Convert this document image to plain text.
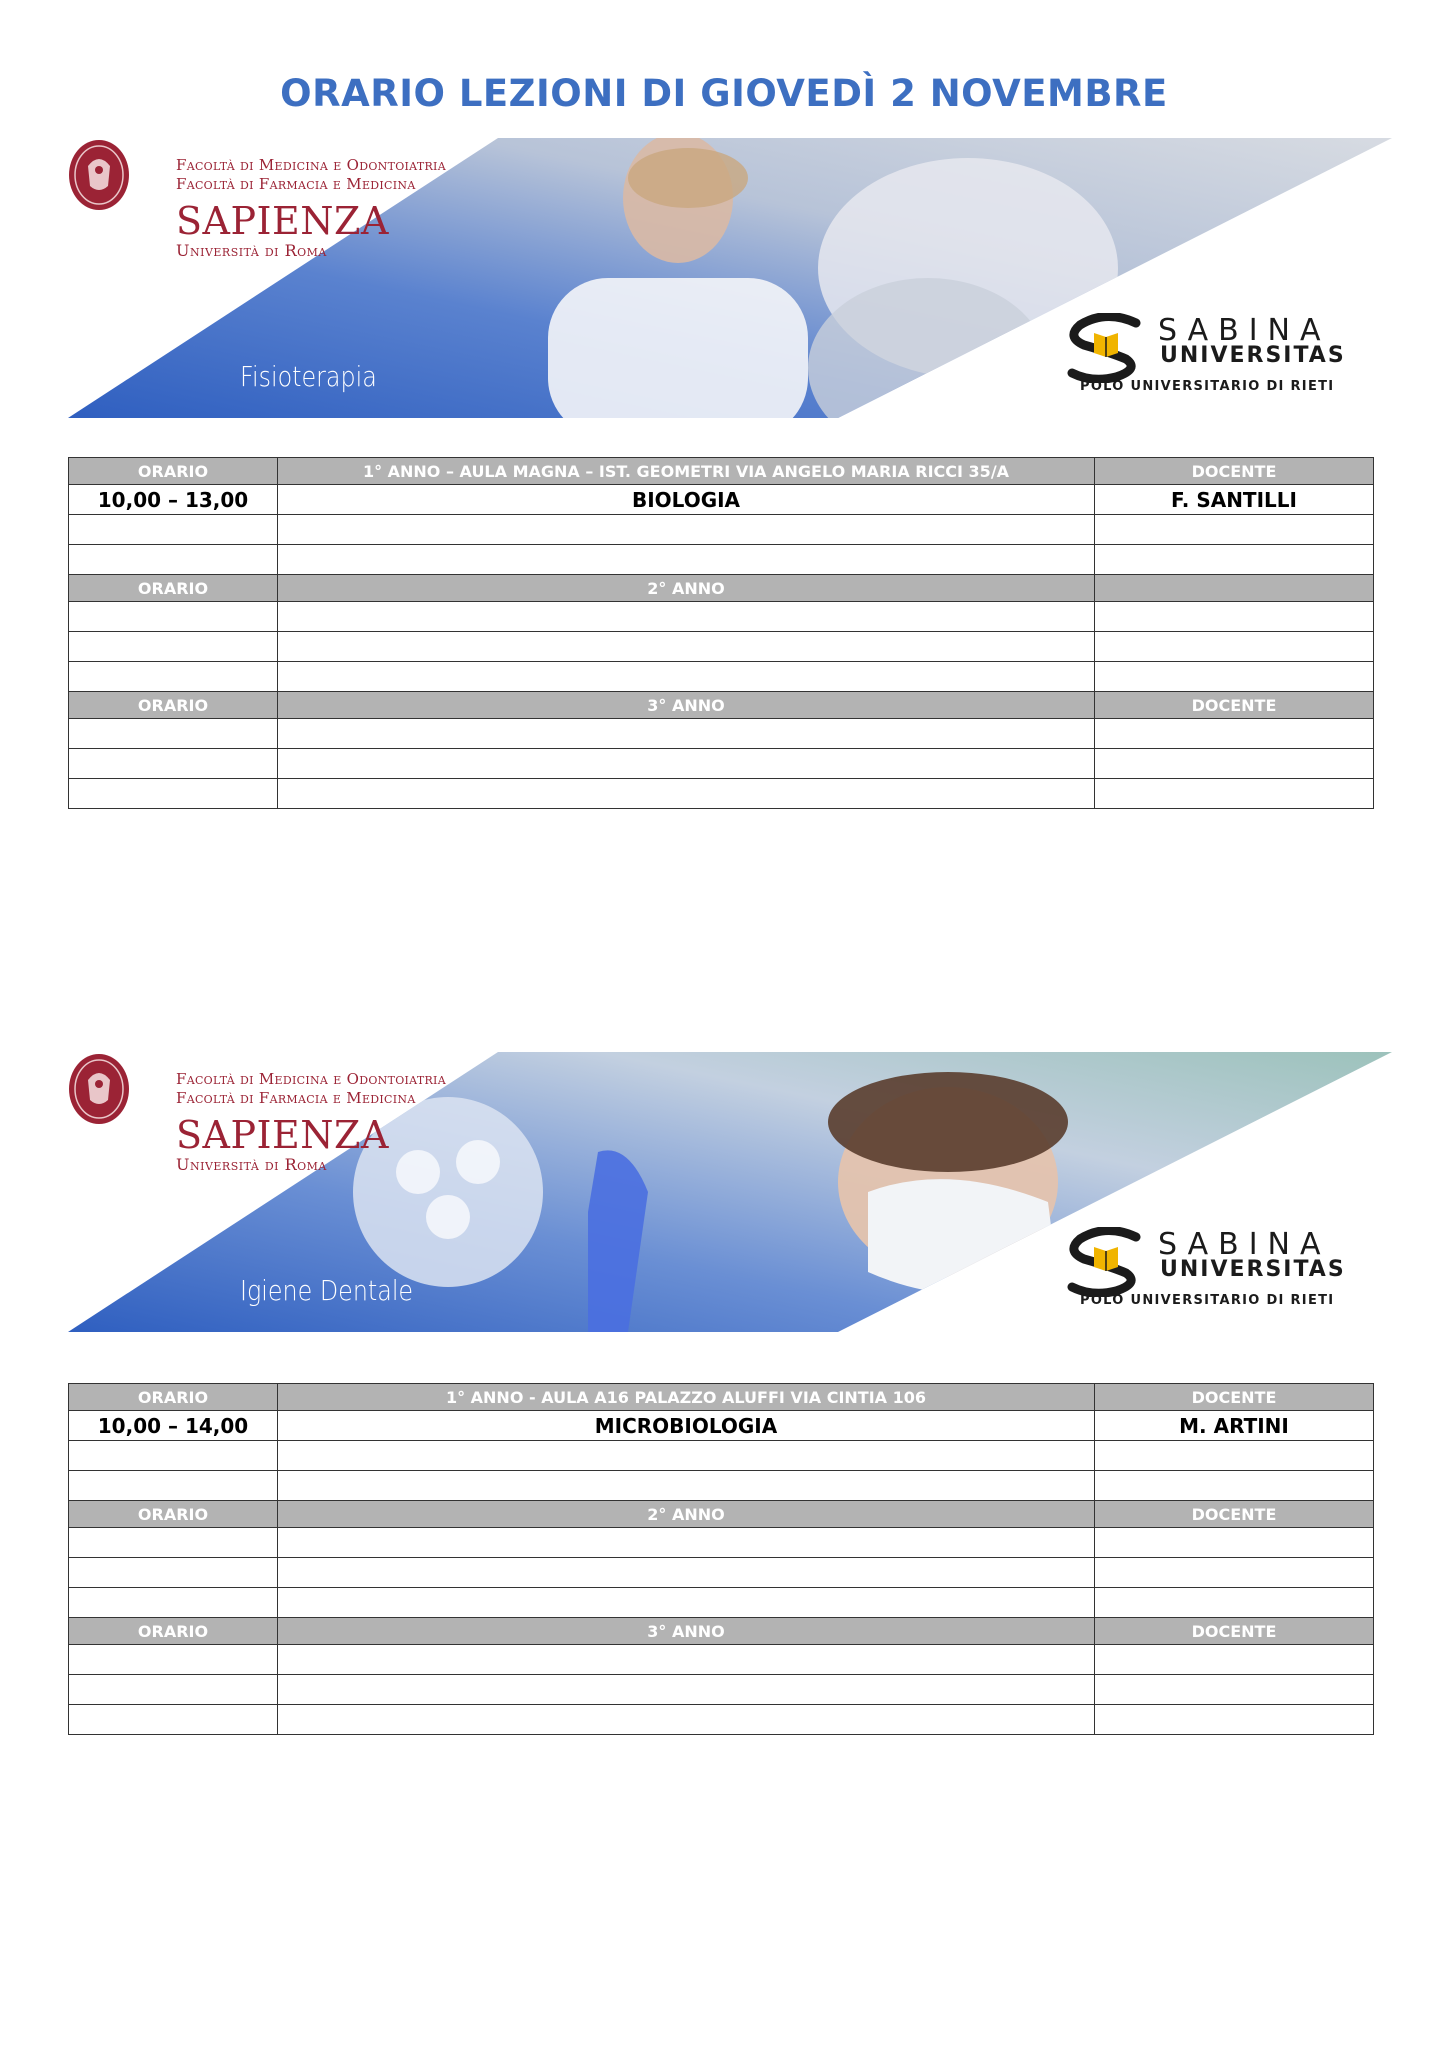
ORARIO LEZIONI DI GIOVEDÌ 2 NOVEMBRE
Facoltà di Medicina e Odontoiatria
Facoltà di Farmacia e Medicina
SAPIENZA
Università di Roma
Fisioterapia
SABINA
UNIVERSITAS
POLO UNIVERSITARIO DI RIETI
ORARIO	1° ANNO – AULA MAGNA – IST. GEOMETRI VIA ANGELO MARIA RICCI 35/A	DOCENTE
10,00 – 13,00	BIOLOGIA	F. SANTILLI

ORARIO	2° ANNO	

ORARIO	3° ANNO	DOCENTE

Facoltà di Medicina e Odontoiatria
Facoltà di Farmacia e Medicina
SAPIENZA
Università di Roma
Igiene Dentale
SABINA
UNIVERSITAS
POLO UNIVERSITARIO DI RIETI
ORARIO	1° ANNO - AULA A16 PALAZZO ALUFFI VIA CINTIA 106	DOCENTE
10,00 – 14,00	MICROBIOLOGIA	M. ARTINI

ORARIO	2° ANNO	DOCENTE

ORARIO	3° ANNO	DOCENTE
